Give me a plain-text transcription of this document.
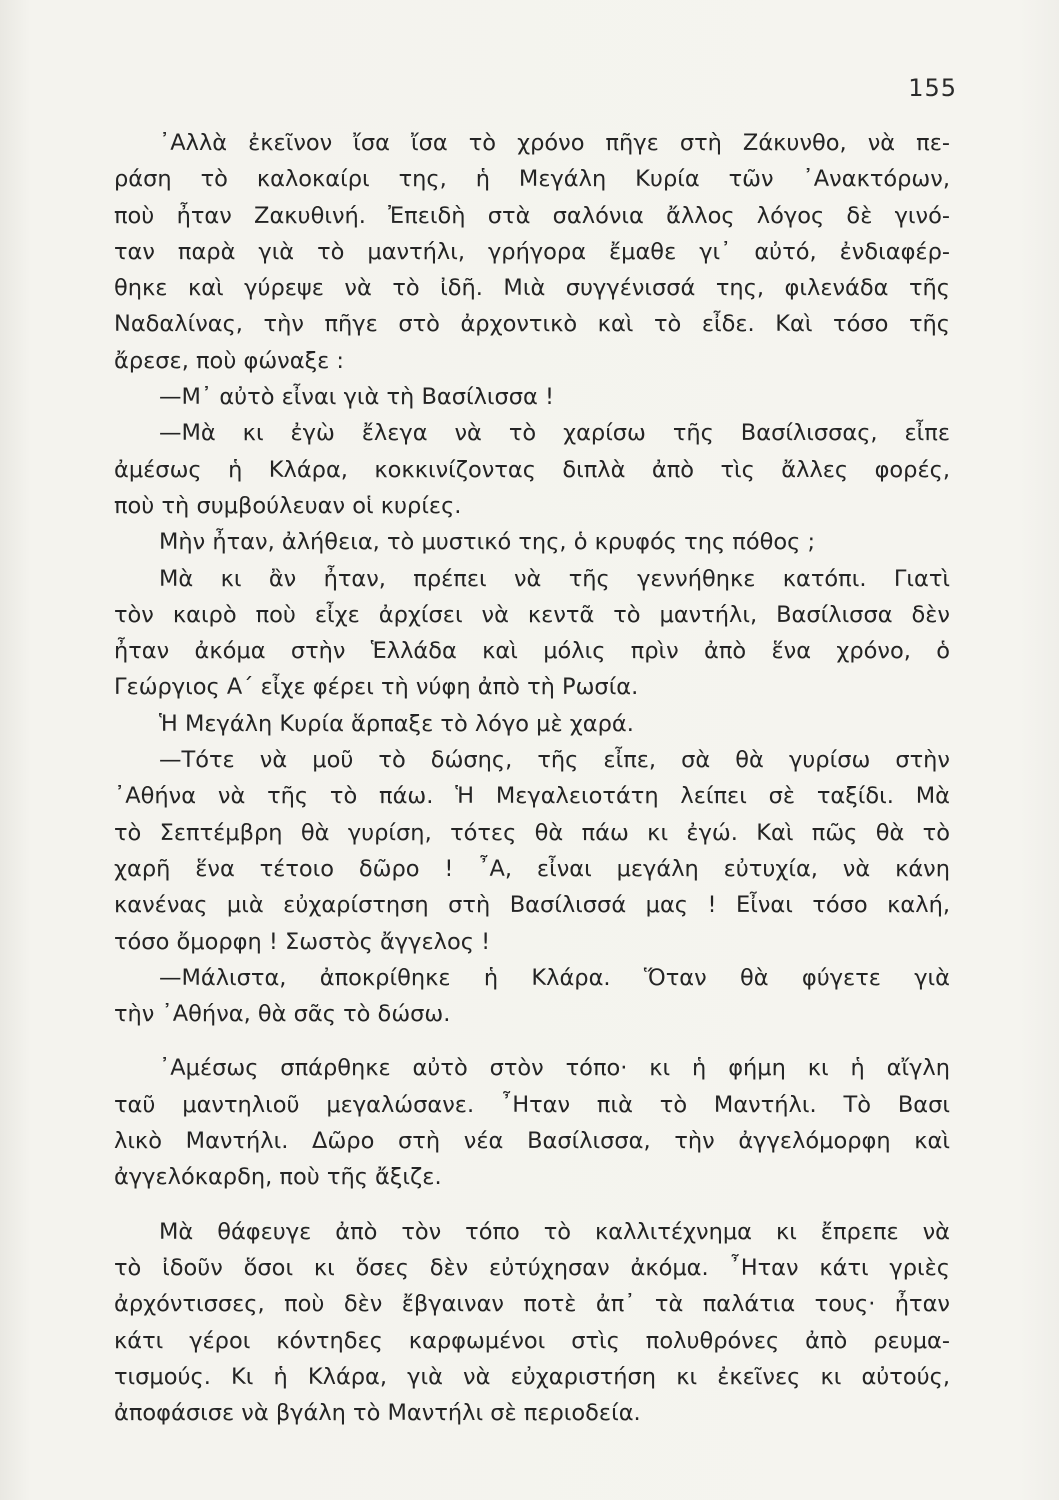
155
  ᾿Αλλὰ ἐκεῖνον ἴσα ἴσα τὸ χρόνο πῆγε στὴ Ζάκυνθο, νὰ πε-
ράση τὸ καλοκαίρι της, ἡ Μεγάλη Κυρία τῶν ᾿Ανακτόρων,
ποὺ ἦταν Ζακυθινή. Ἐπειδὴ στὰ σαλόνια ἄλλος λόγος δὲ γινό-
ταν παρὰ γιὰ τὸ μαντήλι, γρήγορα ἔμαθε γι᾿ αὐτό, ἐνδιαφέρ-
θηκε καὶ γύρεψε νὰ τὸ ἰδῆ. Μιὰ συγγένισσά της, φιλενάδα τῆς
Ναδαλίνας, τὴν πῆγε στὸ ἀρχοντικὸ καὶ τὸ εἶδε. Καὶ τόσο τῆς
ἄρεσε, ποὺ φώναξε :
  —Μ᾿ αὐτὸ εἶναι γιὰ τὴ Βασίλισσα !
  —Μὰ κι ἐγὼ ἔλεγα νὰ τὸ χαρίσω τῆς Βασίλισσας, εἶπε
ἀμέσως ἡ Κλάρα, κοκκινίζοντας διπλὰ ἀπὸ τὶς ἄλλες φορές,
ποὺ τὴ συμβούλευαν οἱ κυρίες.
  Μὴν ἦταν, ἀλήθεια, τὸ μυστικό της, ὁ κρυφός της πόθος ;
  Μὰ κι ἂν ἦταν, πρέπει νὰ τῆς γεννήθηκε κατόπι. Γιατὶ
τὸν καιρὸ ποὺ εἶχε ἀρχίσει νὰ κεντᾶ τὸ μαντήλι, Βασίλισσα δὲν
ἦταν ἀκόμα στὴν Ἑλλάδα καὶ μόλις πρὶν ἀπὸ ἕνα χρόνο, ὁ
Γεώργιος Α΄ εἶχε φέρει τὴ νύφη ἀπὸ τὴ Ρωσία.
  Ἡ Μεγάλη Κυρία ἅρπαξε τὸ λόγο μὲ χαρά.
  —Τότε νὰ μοῦ τὸ δώσης, τῆς εἶπε, σὰ θὰ γυρίσω στὴν
᾿Αθήνα νὰ τῆς τὸ πάω. Ἡ Μεγαλειοτάτη λείπει σὲ ταξίδι. Μὰ
τὸ Σεπτέμβρη θὰ γυρίση, τότες θὰ πάω κι ἐγώ. Καὶ πῶς θὰ τὸ
χαρῆ ἕνα τέτοιο δῶρο ! ῏Α, εἶναι μεγάλη εὐτυχία, νὰ κάνη
κανένας μιὰ εὐχαρίστηση στὴ Βασίλισσά μας ! Εἶναι τόσο καλή,
τόσο ὄμορφη ! Σωστὸς ἄγγελος !
  —Μάλιστα, ἀποκρίθηκε ἡ Κλάρα. Ὅταν θὰ φύγετε γιὰ
τὴν ᾿Αθήνα, θὰ σᾶς τὸ δώσω.
  ᾿Αμέσως σπάρθηκε αὐτὸ στὸν τόπο· κι ἡ φήμη κι ἡ αἴγλη
ταῦ μαντηλιοῦ μεγαλώσανε. ῏Ηταν πιὰ τὸ Μαντήλι. Τὸ Βασι
λικὸ Μαντήλι. Δῶρο στὴ νέα Βασίλισσα, τὴν ἀγγελόμορφη καὶ
ἀγγελόκαρδη, ποὺ τῆς ἄξιζε.
  Μὰ θάφευγε ἀπὸ τὸν τόπο τὸ καλλιτέχνημα κι ἔπρεπε νὰ
τὸ ἰδοῦν ὅσοι κι ὅσες δὲν εὐτύχησαν ἀκόμα. ῏Ηταν κάτι γριὲς
ἀρχόντισσες, ποὺ δὲν ἔβγαιναν ποτὲ ἀπ᾿ τὰ παλάτια τους· ἦταν
κάτι γέροι κόντηδες καρφωμένοι στὶς πολυθρόνες ἀπὸ ρευμα-
τισμούς. Κι ἡ Κλάρα, γιὰ νὰ εὐχαριστήση κι ἐκεῖνες κι αὐτούς,
ἀποφάσισε νὰ βγάλη τὸ Μαντήλι σὲ περιοδεία.
